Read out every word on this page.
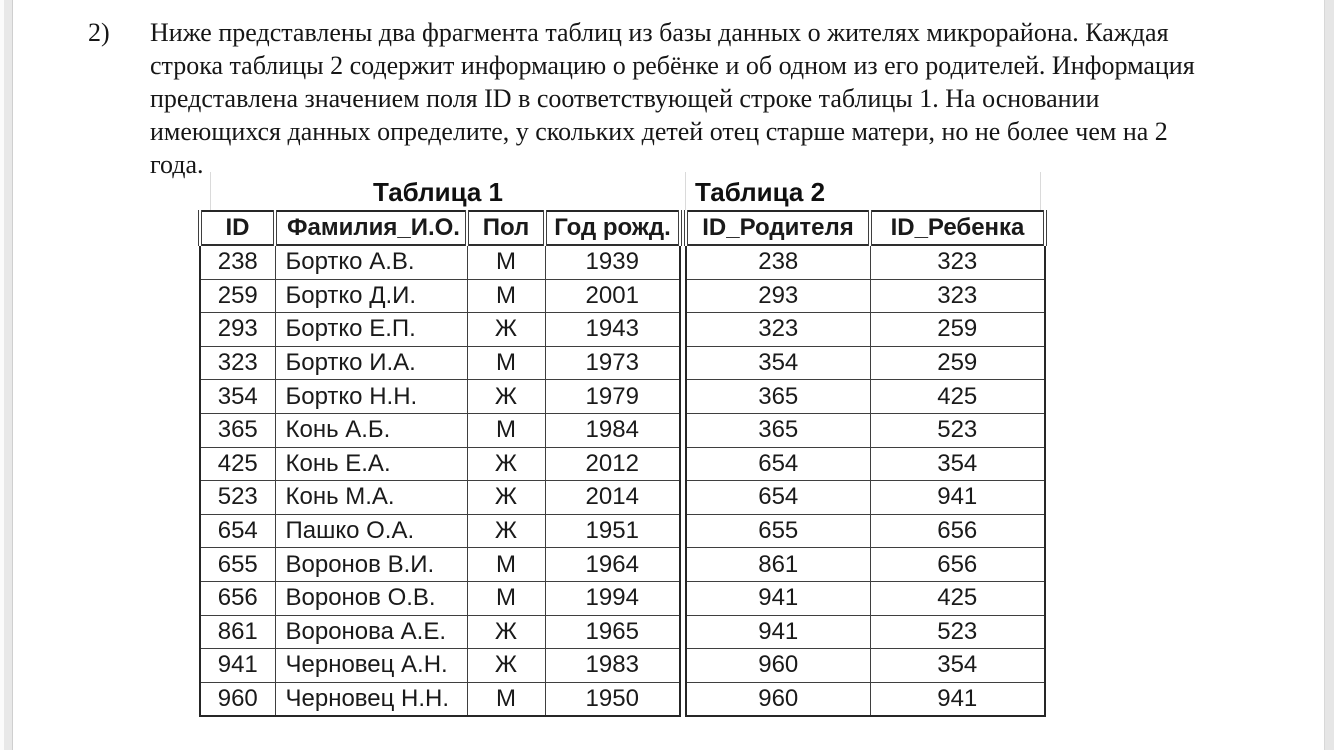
2) Ниже представлены два фрагмента таблиц из базы данных о жителях микрорайона. Каждая
строка таблицы 2 содержит информацию о ребёнке и об одном из его родителей. Информация
представлена значением поля ID в соответствующей строке таблицы 1. На основании
имеющихся данных определите, у скольких детей отец старше матери, но не более чем на 2
года.
Таблица 1	Таблица 2
ID	Фамилия_И.О.	Пол	Год рожд.
238	Бортко А.В.	М	1939
259	Бортко Д.И.	М	2001
293	Бортко Е.П.	Ж	1943
323	Бортко И.А.	М	1973
354	Бортко Н.Н.	Ж	1979
365	Конь А.Б.	М	1984
425	Конь Е.А.	Ж	2012
523	Конь М.А.	Ж	2014
654	Пашко О.А.	Ж	1951
655	Воронов В.И.	М	1964
656	Воронов О.В.	М	1994
861	Воронова А.Е.	Ж	1965
941	Черновец А.Н.	Ж	1983
960	Черновец Н.Н.	М	1950
ID_Родителя	ID_Ребенка
238	323
293	323
323	259
354	259
365	425
365	523
654	354
654	941
655	656
861	656
941	425
941	523
960	354
960	941
